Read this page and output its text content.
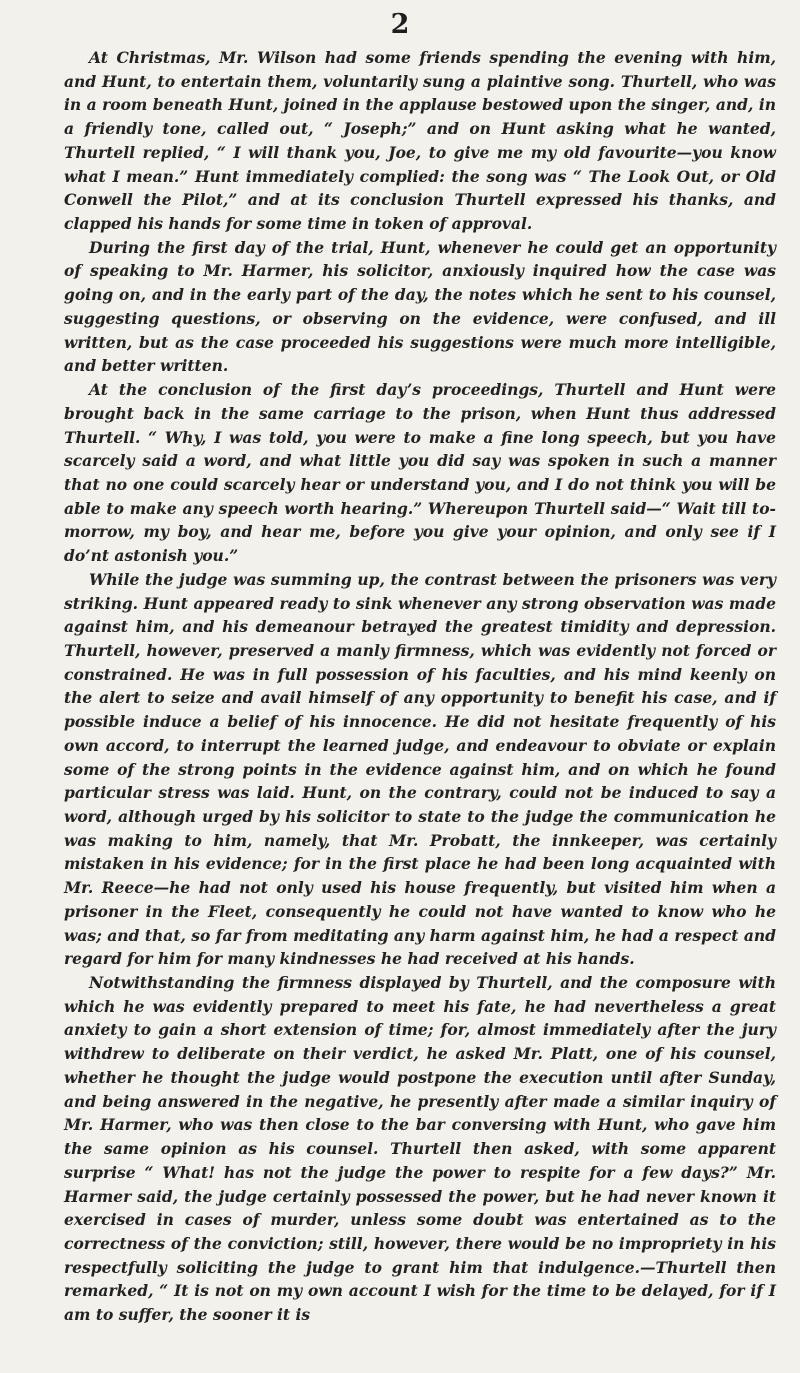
2

At Christmas, Mr. Wilson had some friends spending the evening with him, and Hunt, to entertain them, voluntarily sung a plaintive song. Thurtell, who was in a room beneath Hunt, joined in the applause bestowed upon the singer, and, in a friendly tone, called out, “ Joseph;” and on Hunt asking what he wanted, Thurtell replied, “ I will thank you, Joe, to give me my old favourite—you know what I mean.” Hunt immediately complied: the song was “ The Look Out, or Old Conwell the Pilot,” and at its conclusion Thurtell expressed his thanks, and clapped his hands for some time in token of approval.

During the first day of the trial, Hunt, whenever he could get an opportunity of speaking to Mr. Harmer, his solicitor, anxiously inquired how the case was going on, and in the early part of the day, the notes which he sent to his counsel, suggesting questions, or observing on the evidence, were confused, and ill written, but as the case proceeded his suggestions were much more intelligible, and better written.

At the conclusion of the first day’s proceedings, Thurtell and Hunt were brought back in the same carriage to the prison, when Hunt thus addressed Thurtell. “ Why, I was told, you were to make a fine long speech, but you have scarcely said a word, and what little you did say was spoken in such a manner that no one could scarcely hear or understand you, and I do not think you will be able to make any speech worth hearing.” Whereupon Thurtell said—“ Wait till to-morrow, my boy, and hear me, before you give your opinion, and only see if I do’nt astonish you.”

While the judge was summing up, the contrast between the prisoners was very striking. Hunt appeared ready to sink whenever any strong observation was made against him, and his demeanour betrayed the greatest timidity and depression. Thurtell, however, preserved a manly firmness, which was evidently not forced or constrained. He was in full possession of his faculties, and his mind keenly on the alert to seize and avail himself of any opportunity to benefit his case, and if possible induce a belief of his innocence. He did not hesitate frequently of his own accord, to interrupt the learned judge, and endeavour to obviate or explain some of the strong points in the evidence against him, and on which he found particular stress was laid. Hunt, on the contrary, could not be induced to say a word, although urged by his solicitor to state to the judge the communication he was making to him, namely, that Mr. Probatt, the innkeeper, was certainly mistaken in his evidence; for in the first place he had been long acquainted with Mr. Reece—he had not only used his house frequently, but visited him when a prisoner in the Fleet, consequently he could not have wanted to know who he was; and that, so far from meditating any harm against him, he had a respect and regard for him for many kindnesses he had received at his hands.

Notwithstanding the firmness displayed by Thurtell, and the composure with which he was evidently prepared to meet his fate, he had nevertheless a great anxiety to gain a short extension of time; for, almost immediately after the jury withdrew to deliberate on their verdict, he asked Mr. Platt, one of his counsel, whether he thought the judge would postpone the execution until after Sunday, and being answered in the negative, he presently after made a similar inquiry of Mr. Harmer, who was then close to the bar conversing with Hunt, who gave him the same opinion as his counsel. Thurtell then asked, with some apparent surprise “ What! has not the judge the power to respite for a few days?” Mr. Harmer said, the judge certainly possessed the power, but he had never known it exercised in cases of murder, unless some doubt was entertained as to the correctness of the conviction; still, however, there would be no impropriety in his respectfully soliciting the judge to grant him that indulgence.—Thurtell then remarked, “ It is not on my own account I wish for the time to be delayed, for if I am to suffer, the sooner it is
